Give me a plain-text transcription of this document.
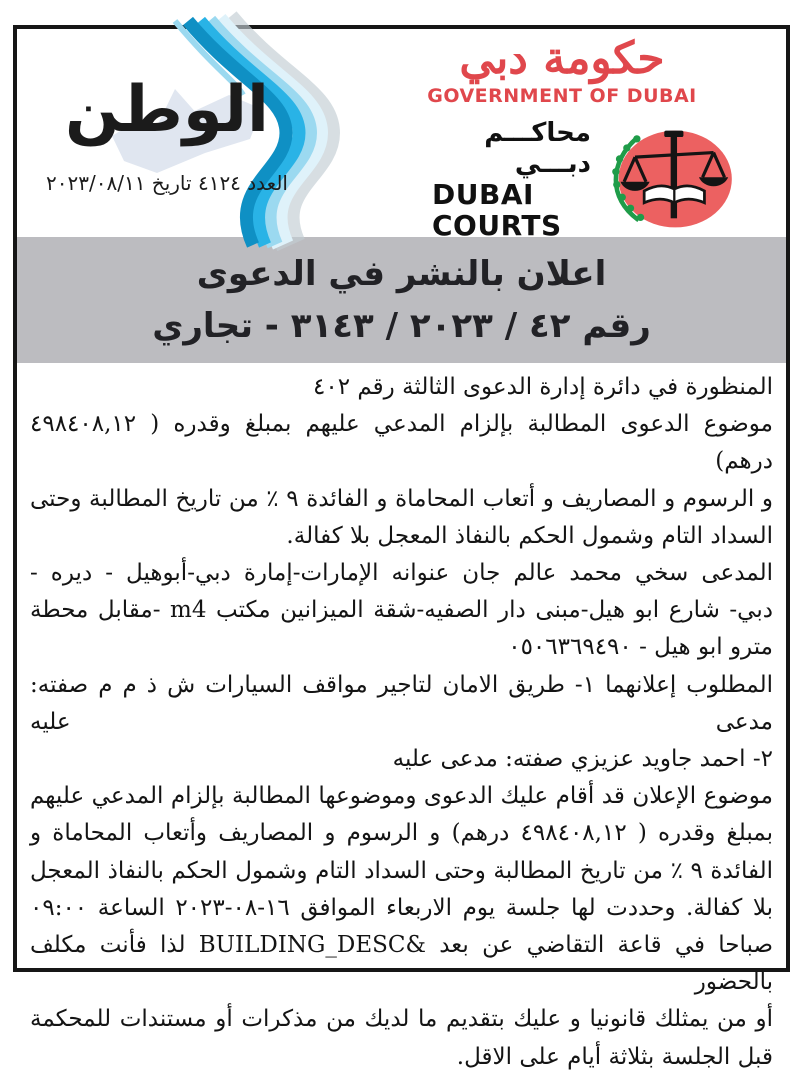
الوطن
العدد ٤١٢٤ تاريخ ٢٠٢٣/٠٨/١١
حكومة دبي
GOVERNMENT OF DUBAI
محاكـــم دبـــي
DUBAI COURTS
اعلان بالنشر في الدعوى
رقم ٤٢ / ٢٠٢٣ / ٣١٤٣ - تجاري
المنظورة في دائرة إدارة الدعوى الثالثة رقم ٤٠٢
موضوع الدعوى المطالبة بإلزام المدعي عليهم بمبلغ وقدره ( ٤٩٨٤٠٨,١٢ درهم)
و الرسوم و المصاريف و أتعاب المحاماة و الفائدة ٩ ٪ من تاريخ المطالبة وحتى
السداد التام وشمول الحكم بالنفاذ المعجل بلا كفالة.
المدعى سخي محمد عالم جان عنوانه الإمارات-إمارة دبي-أبوهيل - ديره -
دبي- شارع ابو هيل-مبنى دار الصفيه-شقة الميزانين مكتب m4 -مقابل محطة
مترو ابو هيل - ٠٥٠٦٣٦٩٤٩٠
المطلوب إعلانهما ١- طريق الامان لتاجير مواقف السيارات ش ذ م م صفته: مدعى عليه
٢- احمد جاويد عزيزي صفته: مدعى عليه
موضوع الإعلان قد أقام عليك الدعوى وموضوعها المطالبة بإلزام المدعي عليهم
بمبلغ وقدره ( ٤٩٨٤٠٨,١٢ درهم) و الرسوم و المصاريف وأتعاب المحاماة و
الفائدة ٩ ٪ من تاريخ المطالبة وحتى السداد التام وشمول الحكم بالنفاذ المعجل
بلا كفالة. وحددت لها جلسة يوم الاربعاء الموافق ١٦-٠٨-٢٠٢٣ الساعة ٠٩:٠٠
صباحا في قاعة التقاضي عن بعد &BUILDING_DESC لذا فأنت مكلف بالحضور
أو من يمثلك قانونيا و عليك بتقديم ما لديك من مذكرات أو مستندات للمحكمة
قبل الجلسة بثلاثة أيام على الاقل.
